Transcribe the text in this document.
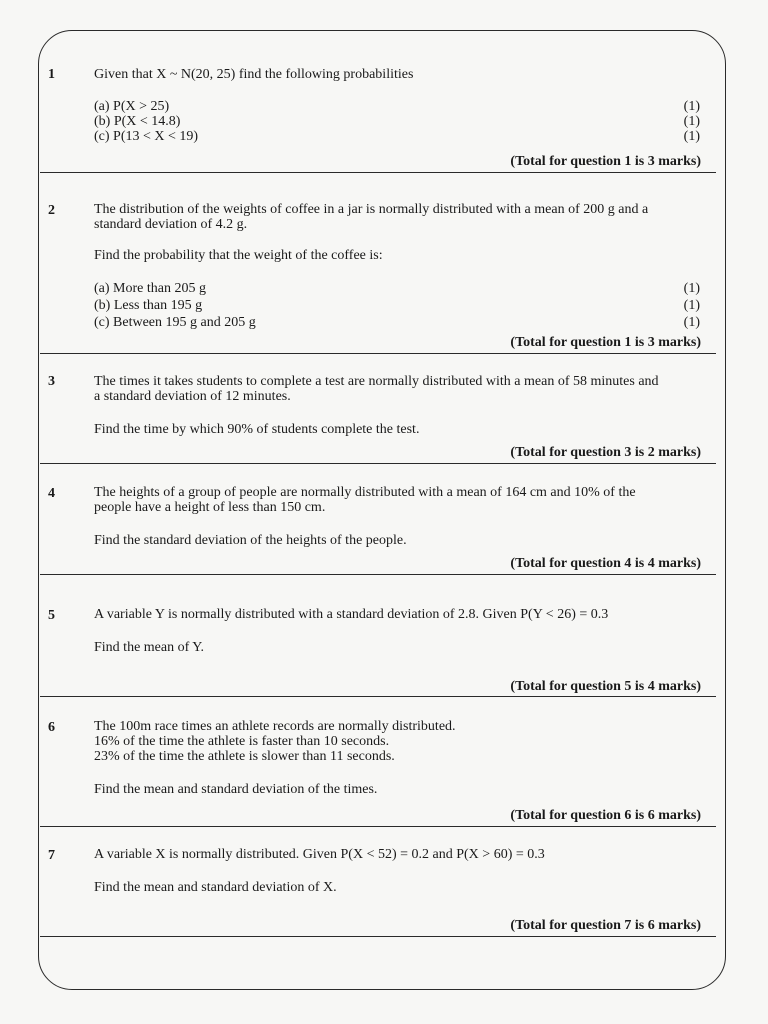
1	Given that X ~ N(20, 25) find the following probabilities

(a) P(X > 25)	(1)
(b) P(X < 14.8)	(1)
(c) P(13 < X < 19)	(1)
(Total for question 1 is 3 marks)
2	The distribution of the weights of coffee in a jar is normally distributed with a mean of 200 g and a

standard deviation of 4.2 g.

Find the probability that the weight of the coffee is:

(a) More than 205 g	(1)
(b) Less than 195 g	(1)
(c) Between 195 g and 205 g	(1)
(Total for question 1 is 3 marks)
3	The times it takes students to complete a test are normally distributed with a mean of 58 minutes and

a standard deviation of 12 minutes.

Find the time by which 90% of students complete the test.

(Total for question 3 is 2 marks)
4	The heights of a group of people are normally distributed with a mean of 164 cm and 10% of the

people have a height of less than 150 cm.

Find the standard deviation of the heights of the people.

(Total for question 4 is 4 marks)
5	A variable Y is normally distributed with a standard deviation of 2.8. Given P(Y < 26) = 0.3

Find the mean of Y.

(Total for question 5 is 4 marks)
6	The 100m race times an athlete records are normally distributed.

16% of the time the athlete is faster than 10 seconds.

23% of the time the athlete is slower than 11 seconds.

Find the mean and standard deviation of the times.

(Total for question 6 is 6 marks)
7	A variable X is normally distributed. Given P(X < 52) = 0.2 and P(X > 60) = 0.3

Find the mean and standard deviation of X.

(Total for question 7 is 6 marks)
